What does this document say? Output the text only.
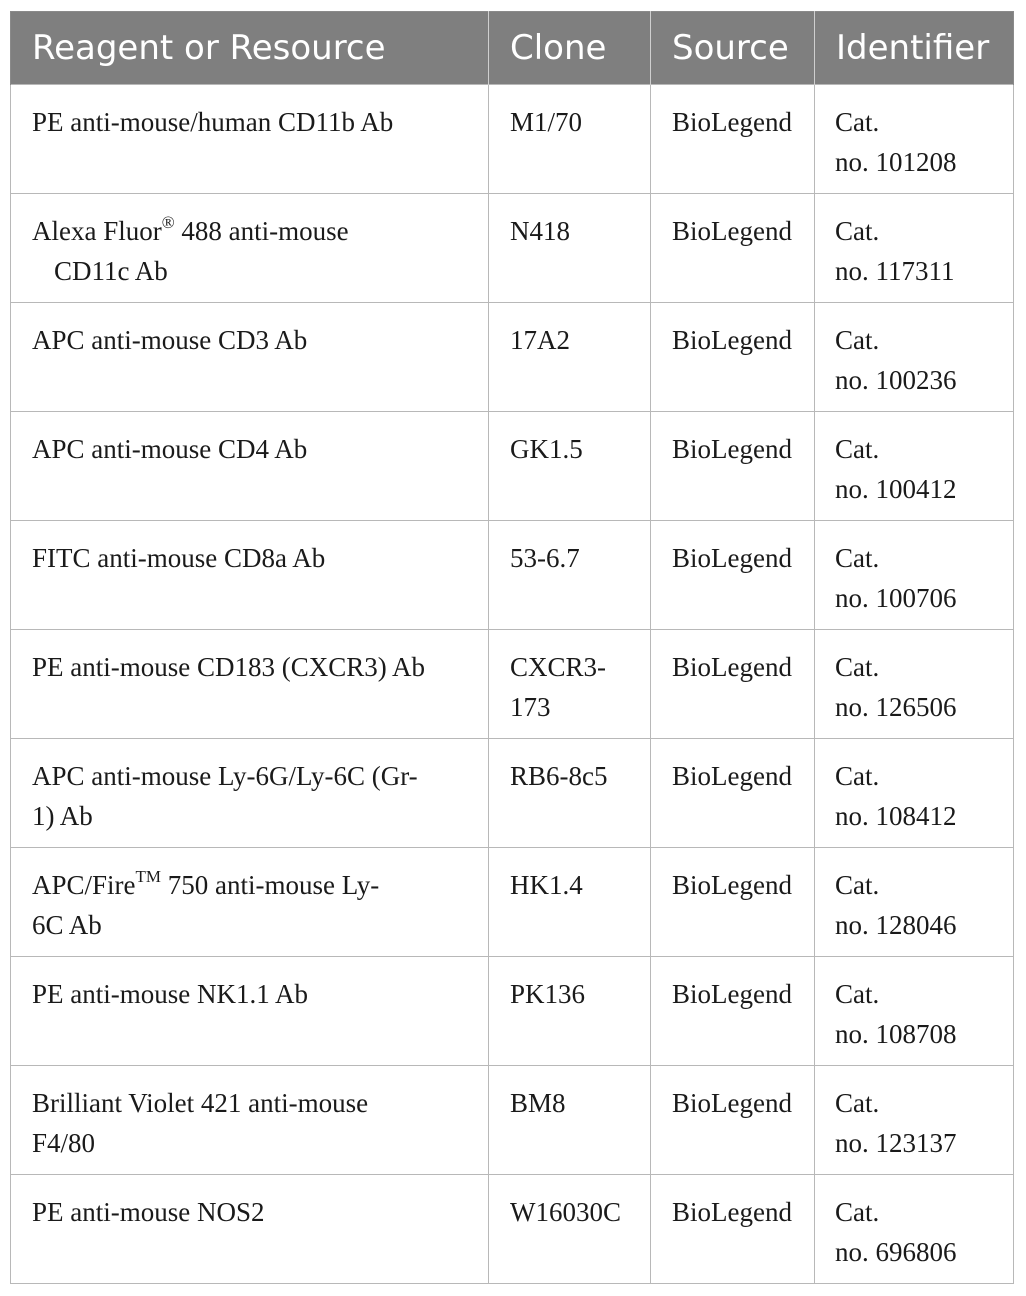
Reagent or Resource	Clone	Source	Identifier

PE anti-mouse/human CD11b Ab	M1/70	BioLegend	Cat.
no. 101208

Alexa Fluor® 488 anti-mouse
CD11c Ab	N418	BioLegend	Cat.
no. 117311

APC anti-mouse CD3 Ab	17A2	BioLegend	Cat.
no. 100236

APC anti-mouse CD4 Ab	GK1.5	BioLegend	Cat.
no. 100412

FITC anti-mouse CD8a Ab	53-6.7	BioLegend	Cat.
no. 100706

PE anti-mouse CD183 (CXCR3) Ab	CXCR3-
173	BioLegend	Cat.
no. 126506

APC anti-mouse Ly-6G/Ly-6C (Gr-
1) Ab	RB6-8c5	BioLegend	Cat.
no. 108412

APC/Fire™ 750 anti-mouse Ly-
6C Ab	HK1.4	BioLegend	Cat.
no. 128046

PE anti-mouse NK1.1 Ab	PK136	BioLegend	Cat.
no. 108708

Brilliant Violet 421 anti-mouse
F4/80	BM8	BioLegend	Cat.
no. 123137

PE anti-mouse NOS2	W16030C	BioLegend	Cat.
no. 696806
